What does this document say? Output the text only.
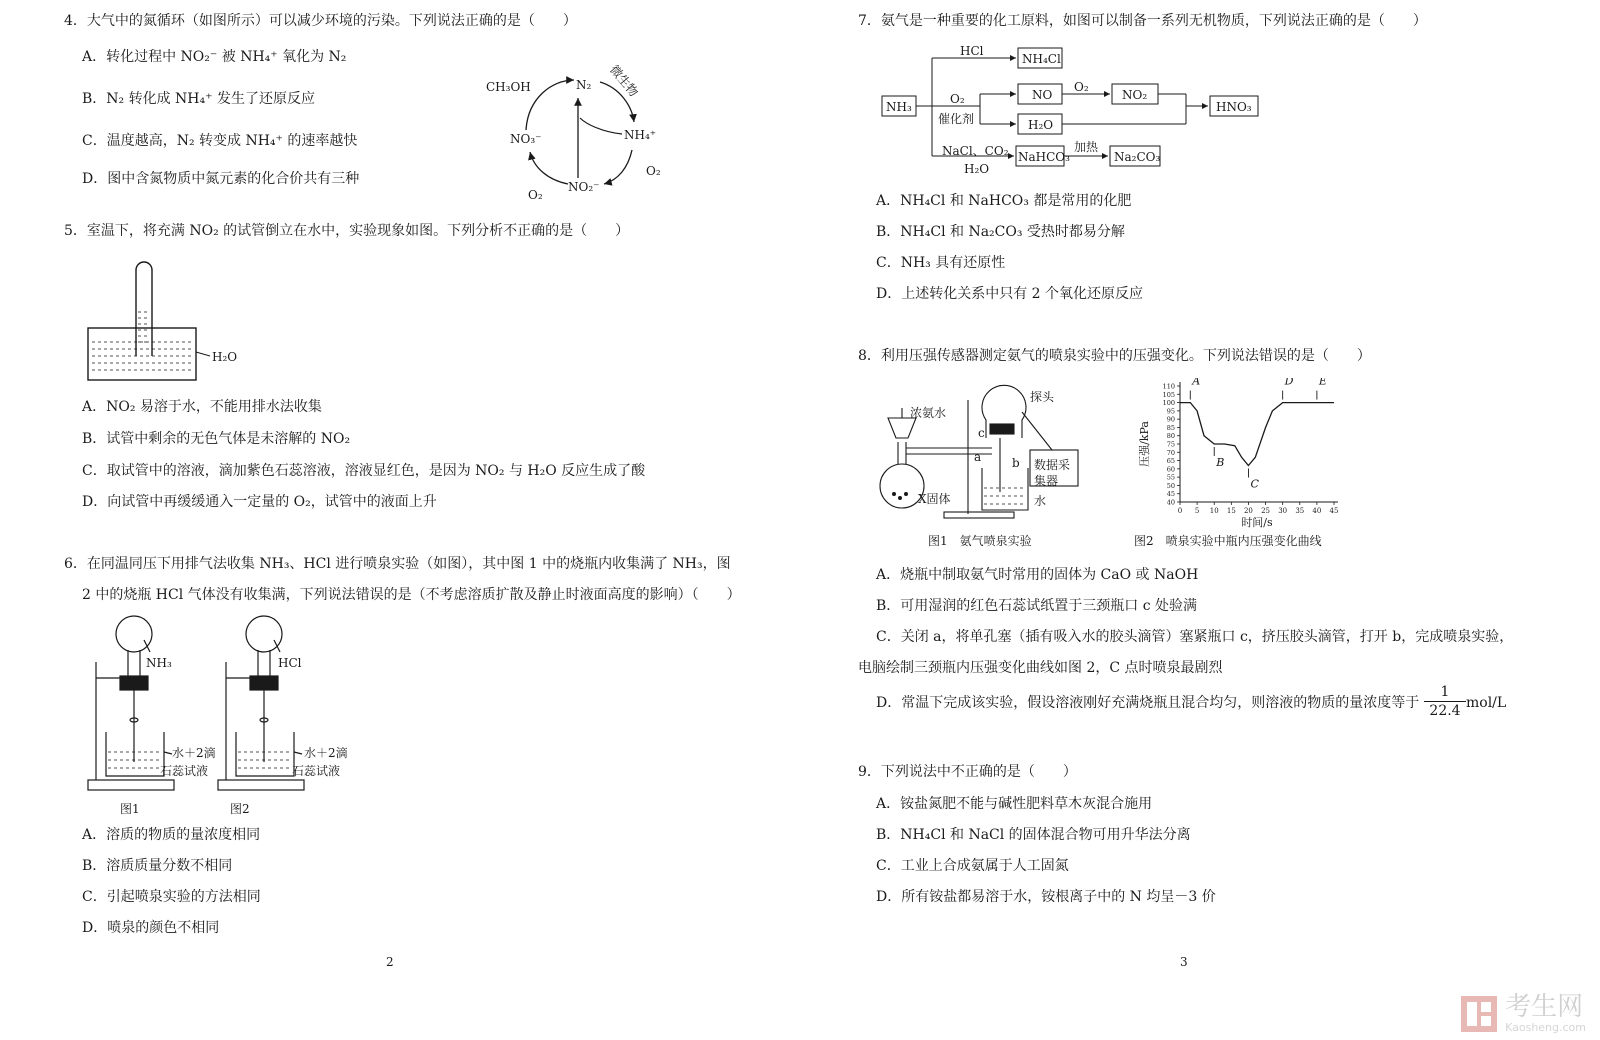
4．大气中的氮循环（如图所示）可以减少环境的污染。下列说法正确的是（　　）
A．转化过程中 NO₂⁻ 被 NH₄⁺ 氧化为 N₂
B．N₂ 转化成 NH₄⁺ 发生了还原反应
C．温度越高，N₂ 转变成 NH₄⁺ 的速率越快
D．图中含氮物质中氮元素的化合价共有三种
CH₃OH	N₂ 微生物
NH₄⁺
NO₃⁻
O₂
NO₂⁻
O₂
5．室温下，将充满 NO₂ 的试管倒立在水中，实验现象如图。下列分析不正确的是（　　）
H₂O
A．NO₂ 易溶于水，不能用排水法收集
B．试管中剩余的无色气体是未溶解的 NO₂
C．取试管中的溶液，滴加紫色石蕊溶液，溶液显红色，是因为 NO₂ 与 H₂O 反应生成了酸
D．向试管中再缓缓通入一定量的 O₂，试管中的液面上升
6．在同温同压下用排气法收集 NH₃、HCl 进行喷泉实验（如图），其中图 1 中的烧瓶内收集满了 NH₃，图
2 中的烧瓶 HCl 气体没有收集满，下列说法错误的是（不考虑溶质扩散及静止时液面高度的影响）（　　）
NH₃	HCl
水＋2滴
石蕊试液
水＋2滴
石蕊试液
图1	图2
A．溶质的物质的量浓度相同
B．溶质质量分数不相同
C．引起喷泉实验的方法相同
D．喷泉的颜色不相同
2
7．氨气是一种重要的化工原料，如图可以制备一系列无机物质，下列说法正确的是（　　）
NH₃
HCl
NH₄Cl
O₂
催化剂
NO
O₂
NO₂
HNO₃
H₂O
NaCl、CO₂
H₂O
NaHCO₃
加热
Na₂CO₃
A．NH₄Cl 和 NaHCO₃ 都是常用的化肥
B．NH₄Cl 和 Na₂CO₃ 受热时都易分解
C．NH₃ 具有还原性
D．上述转化关系中只有 2 个氧化还原反应
8．利用压强传感器测定氨气的喷泉实验中的压强变化。下列说法错误的是（　　）
浓氨水
探头
c
a	b 数据采
集器
X固体	水
图1　氨气喷泉实验
0 5 10 15 20 25 30 35 40 45
40
45
50
55
60
65
70
75
80
85
90
95
100
105
110
时间/s
压强/kPa
A
B
C
D E
图2　喷泉实验中瓶内压强变化曲线
A．烧瓶中制取氨气时常用的固体为 CaO 或 NaOH
B．可用湿润的红色石蕊试纸置于三颈瓶口 c 处验满
C．关闭 a，将单孔塞（插有吸入水的胶头滴管）塞紧瓶口 c，挤压胶头滴管，打开 b，完成喷泉实验，
电脑绘制三颈瓶内压强变化曲线如图 2，C 点时喷泉最剧烈
D．常温下完成该实验，假设溶液刚好充满烧瓶且混合均匀，则溶液的物质的量浓度等于
1
22.4 mol/L
9．下列说法中不正确的是（　　）
A．铵盐氮肥不能与碱性肥料草木灰混合施用
B．NH₄Cl 和 NaCl 的固体混合物可用升华法分离
C．工业上合成氨属于人工固氮
D．所有铵盐都易溶于水，铵根离子中的 N 均呈－3 价
3
考生网
Kaosheng.com
